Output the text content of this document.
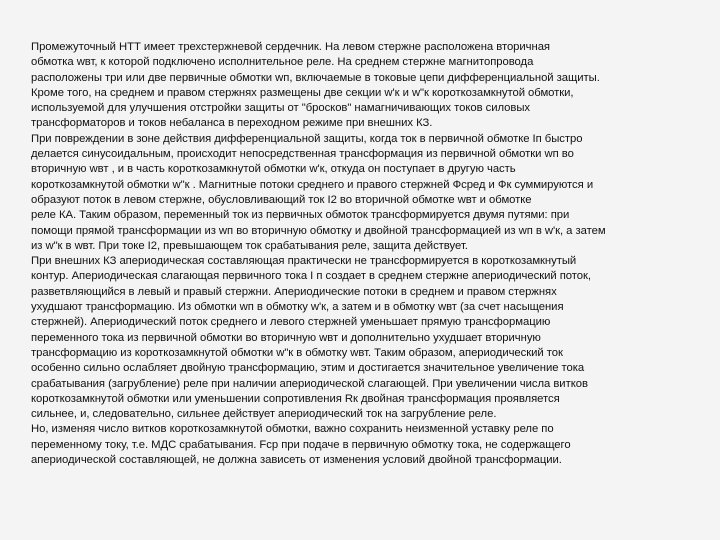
Промежуточный НТТ имеет трехстержневой сердечник. На левом стержне расположена вторичная
обмотка wвт, к которой подключено исполнительное реле. На среднем стержне магнитопровода
расположены три или две первичные обмотки wп, включаемые в токовые цепи дифференциальной защиты.
Кроме того, на среднем и правом стержнях размещены две секции w'к и w"к короткозамкнутой обмотки,
используемой для улучшения отстройки защиты от "бросков" намагничивающих токов силовых
трансформаторов и токов небаланса в переходном режиме при внешних КЗ.
При повреждении в зоне действия дифференциальной защиты, когда ток в первичной обмотке Iп быстро
делается синусоидальным, происходит непосредственная трансформация из первичной обмотки wп во
вторичную wвт , и в часть короткозамкнутой обмотки w'к, откуда он поступает в другую часть
короткозамкнутой обмотки w"к . Магнитные потоки среднего и правого стержней Фсред и Фк суммируются и
образуют поток в левом стержне, обусловливающий ток I2 во вторичной обмотке wвт и обмотке
реле КА. Таким образом, переменный ток из первичных обмоток трансформируется двумя путями: при
помощи прямой трансформации из wп во вторичную обмотку и двойной трансформацией из wп в w'к, а затем
из w"к в wвт. При токе I2, превышающем ток срабатывания реле, защита действует.
При внешних КЗ апериодическая составляющая практически не трансформируется в короткозамкнутый
контур. Апериодическая слагающая первичного тока I п создает в среднем стержне апериодический поток,
разветвляющийся в левый и правый стержни. Апериодические потоки в среднем и правом стержнях
ухудшают трансформацию. Из обмотки wп в обмотку w'к, а затем и в обмотку wвт (за счет насыщения
стержней). Апериодический поток среднего и левого стержней уменьшает прямую трансформацию
переменного тока из первичной обмотки во вторичную wвт и дополнительно ухудшает вторичную
трансформацию из короткозамкнутой обмотки w"к в обмотку wвт. Таким образом, апериодический ток
особенно сильно ослабляет двойную трансформацию, этим и достигается значительное увеличение тока
срабатывания (загрубление) реле при наличии апериодической слагающей. При увеличении числа витков
короткозамкнутой обмотки или уменьшении сопротивления Rк двойная трансформация проявляется
сильнее, и, следовательно, сильнее действует апериодический ток на загрубление реле.
Но, изменяя число витков короткозамкнутой обмотки, важно сохранить неизменной уставку реле по
переменному току, т.е. МДС срабатывания. Fср при подаче в первичную обмотку тока, не содержащего
апериодической составляющей, не должна зависеть от изменения условий двойной трансформации.
